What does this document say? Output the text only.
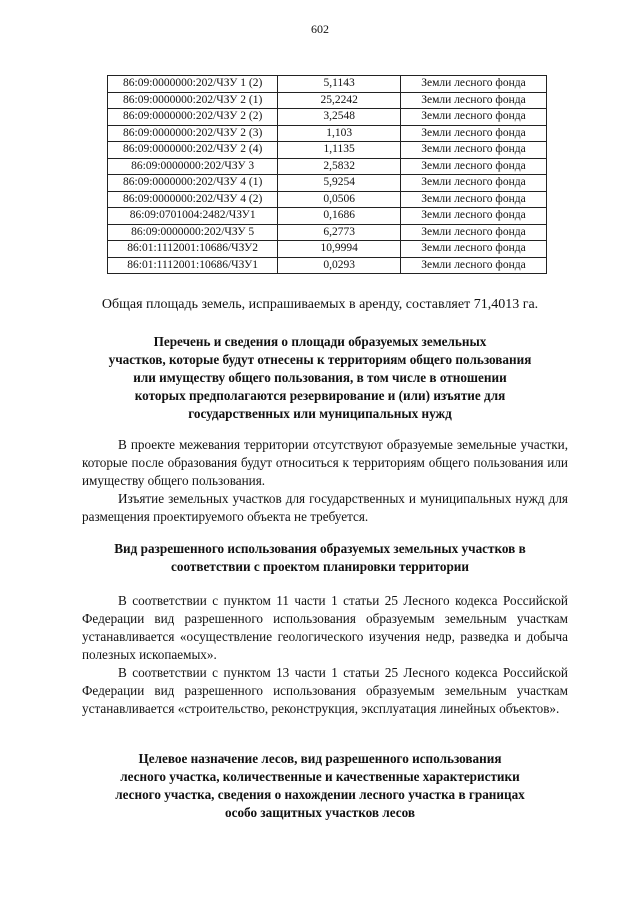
602
86:09:0000000:202/ЧЗУ 1 (2)	5,1143	Земли лесного фонда
86:09:0000000:202/ЧЗУ 2 (1)	25,2242	Земли лесного фонда
86:09:0000000:202/ЧЗУ 2 (2)	3,2548	Земли лесного фонда
86:09:0000000:202/ЧЗУ 2 (3)	1,103	Земли лесного фонда
86:09:0000000:202/ЧЗУ 2 (4)	1,1135	Земли лесного фонда
86:09:0000000:202/ЧЗУ 3	2,5832	Земли лесного фонда
86:09:0000000:202/ЧЗУ 4 (1)	5,9254	Земли лесного фонда
86:09:0000000:202/ЧЗУ 4 (2)	0,0506	Земли лесного фонда
86:09:0701004:2482/ЧЗУ1	0,1686	Земли лесного фонда
86:09:0000000:202/ЧЗУ 5	6,2773	Земли лесного фонда
86:01:1112001:10686/ЧЗУ2	10,9994	Земли лесного фонда
86:01:1112001:10686/ЧЗУ1	0,0293	Земли лесного фонда
Общая площадь земель, испрашиваемых в аренду, составляет 71,4013 га.
Перечень и сведения о площади образуемых земельных
участков, которые будут отнесены к территориям общего пользования
или имуществу общего пользования, в том числе в отношении
которых предполагаются резервирование и (или) изъятие для
государственных или муниципальных нужд

В проекте межевания территории отсутствуют образуемые земельные участки, которые после образования будут относиться к территориям общего пользования или имуществу общего пользования.

Изъятие земельных участков для государственных и муниципальных нужд для размещения проектируемого объекта не требуется.

Вид разрешенного использования образуемых земельных участков в
соответствии с проектом планировки территории

В соответствии с пунктом 11 части 1 статьи 25 Лесного кодекса Российской Федерации вид разрешенного использования образуемым земельным участкам устанавливается «осуществление геологического изучения недр, разведка и добыча полезных ископаемых».

В соответствии с пунктом 13 части 1 статьи 25 Лесного кодекса Российской Федерации вид разрешенного использования образуемым земельным участкам устанавливается «строительство, реконструкция, эксплуатация линейных объектов».

Целевое назначение лесов, вид разрешенного использования
лесного участка, количественные и качественные характеристики
лесного участка, сведения о нахождении лесного участка в границах
особо защитных участков лесов
